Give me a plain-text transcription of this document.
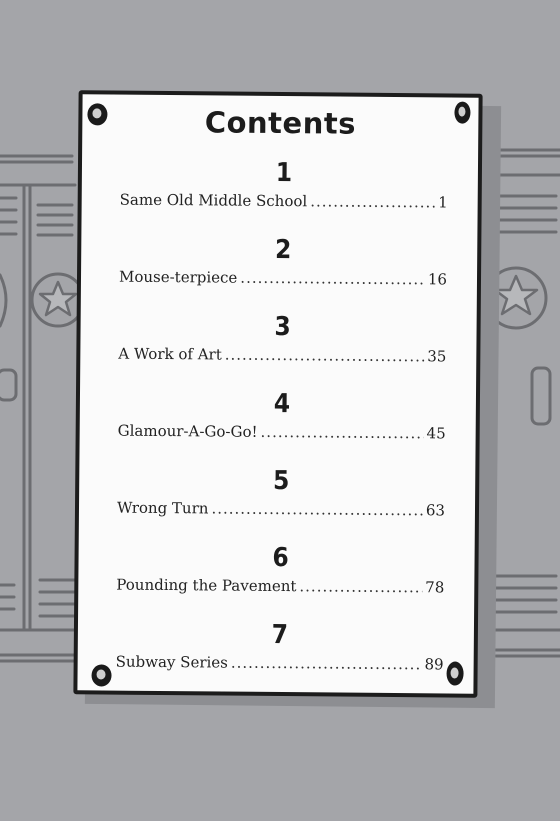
Contents
1
Same Old Middle School .....	1
2
Mouse-terpiece .....	16
3
A Work of Art .....	35
4
Glamour-A-Go-Go! .....	45
5
Wrong Turn .....	63
6
Pounding the Pavement .....	78
7
Subway Series .....	89
